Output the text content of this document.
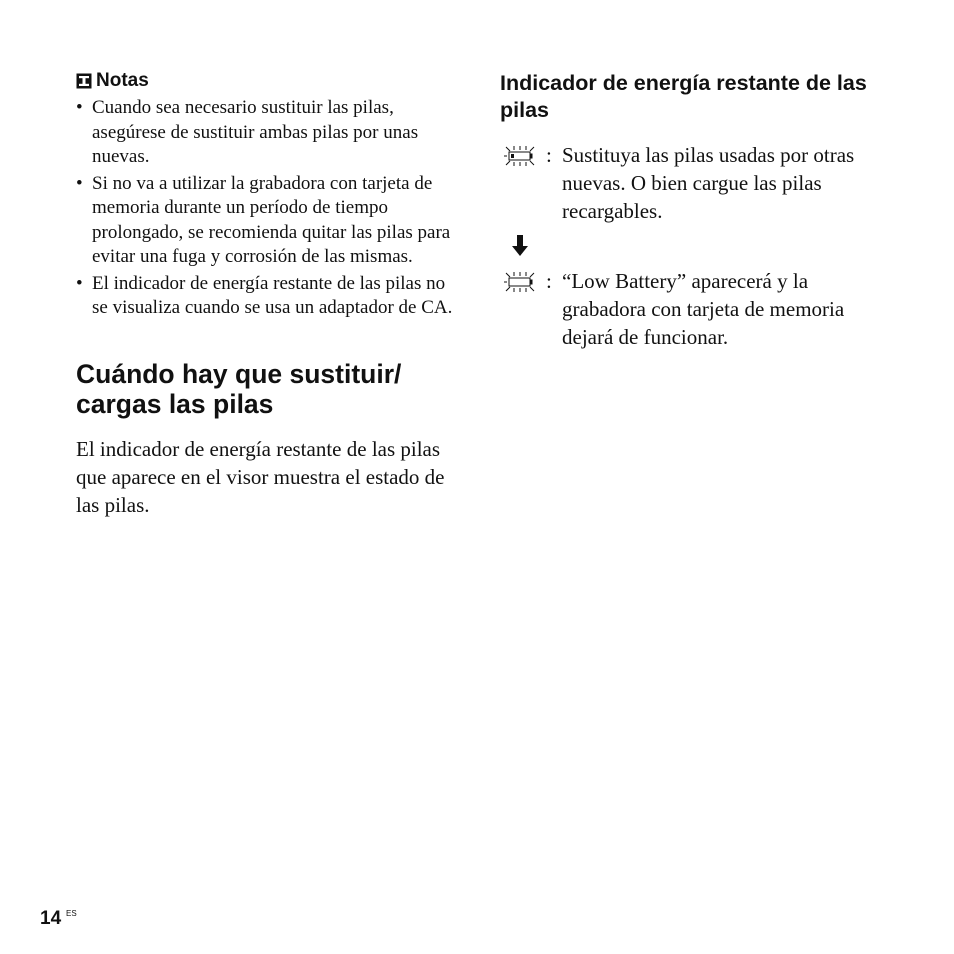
Notas
• Cuando sea necesario sustituir las pilas, asegúrese de sustituir ambas pilas por unas nuevas.
• Si no va a utilizar la grabadora con tarjeta de memoria durante un período de tiempo prolongado, se recomienda quitar las pilas para evitar una fuga y corrosión de las mismas.
• El indicador de energía restante de las pilas no se visualiza cuando se usa un adaptador de CA.
Cuándo hay que sustituir/
cargas las pilas

El indicador de energía restante de las pilas que aparece en el visor muestra el estado de las pilas.

Indicador de energía restante de las pilas
: Sustituya las pilas usadas por otras nuevas. O bien cargue las pilas recargables.
: “Low Battery” aparecerá y la grabadora con tarjeta de memoria dejará de funcionar.
14 ES
